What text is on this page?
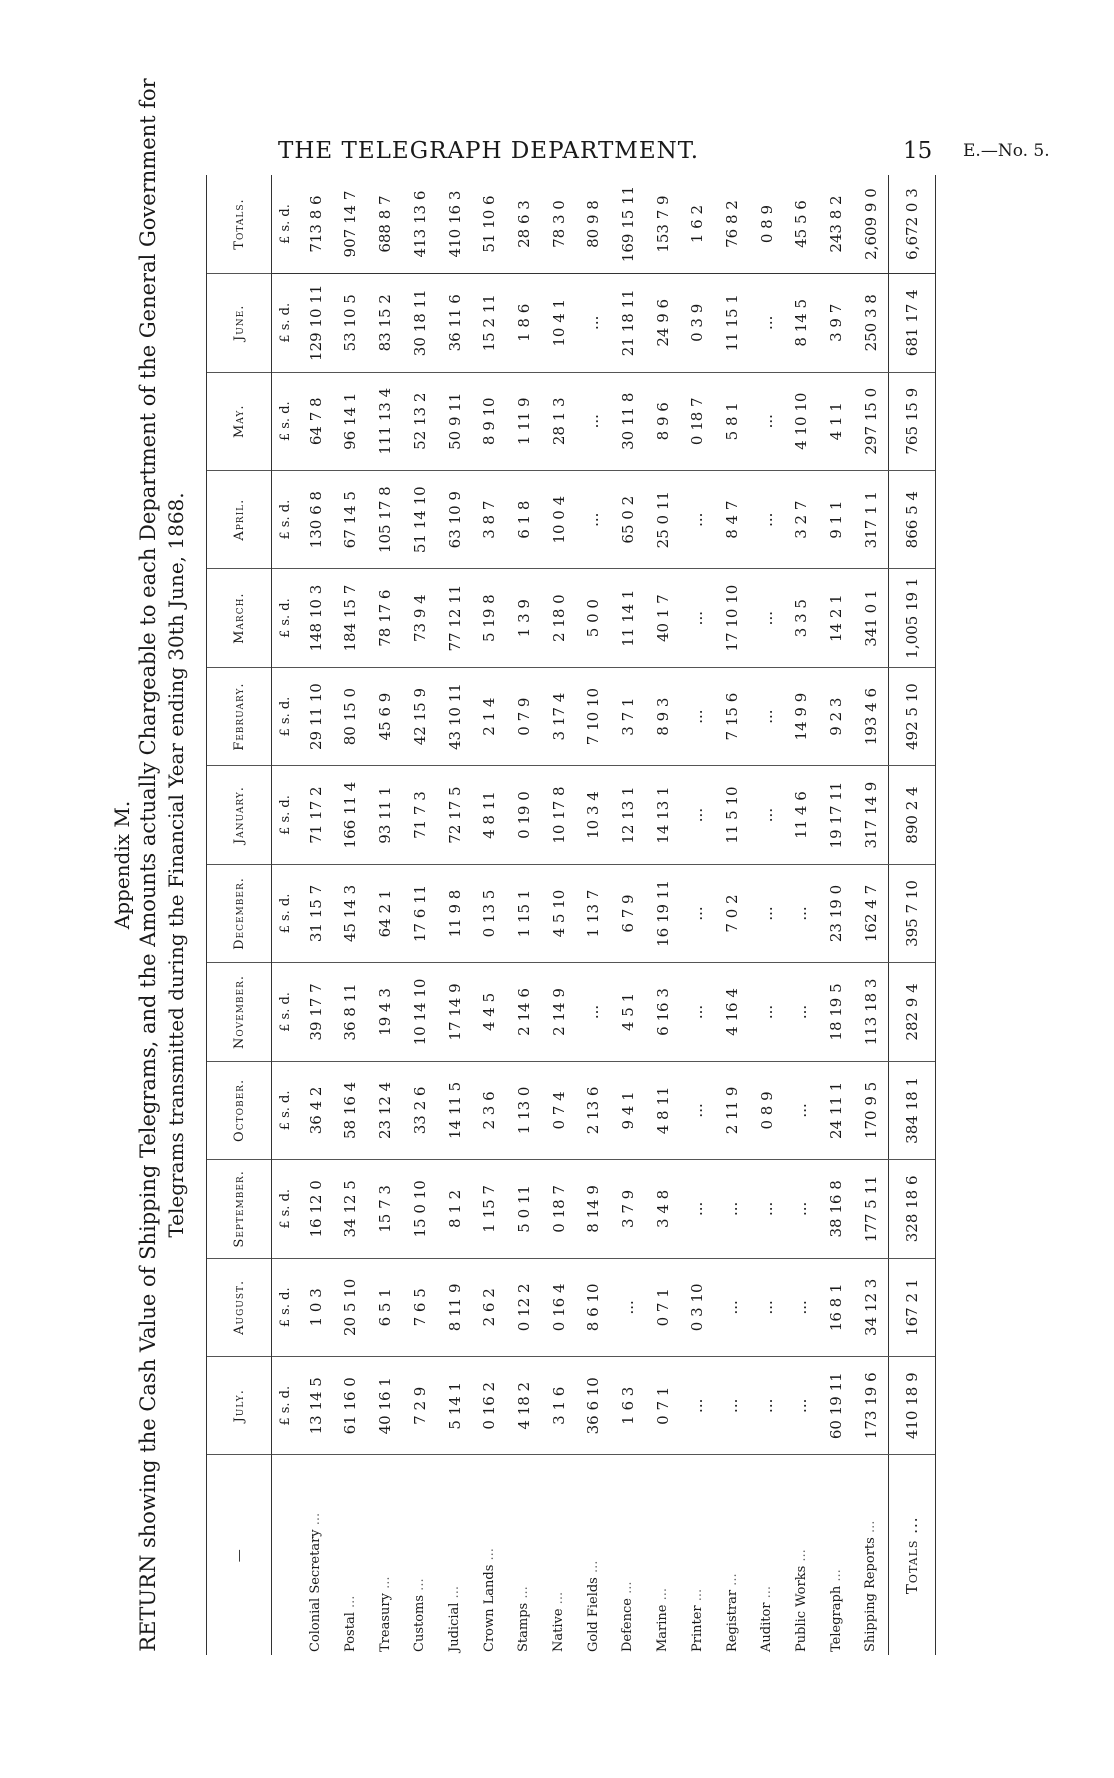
THE TELEGRAPH DEPARTMENT.	15 E.—No. 5.
Appendix M. RETURN showing the Cash Value of Shipping Telegrams, and the Amounts actually Chargeable to each Department of the General Government for Telegrams transmitted during the Financial Year ending 30th June, 1868.
—	July.	August.	September.	October.	November.	December.	January.	February.	March.	April.	May.	June.	Totals.
	£ s. d.	£ s. d.	£ s. d.	£ s. d.	£ s. d.	£ s. d.	£ s. d.	£ s. d.	£ s. d.	£ s. d.	£ s. d.	£ s. d.	£ s. d.
Colonial Secretary ...	13 14 5	1 0 3	16 12 0	36 4 2	39 17 7	31 15 7	71 17 2	29 11 10	148 10 3	130 6 8	64 7 8	129 10 11	713 8 6
Postal ...	61 16 0	20 5 10	34 12 5	58 16 4	36 8 11	45 14 3	166 11 4	80 15 0	184 15 7	67 14 5	96 14 1	53 10 5	907 14 7
Treasury ...	40 16 1	6 5 1	15 7 3	23 12 4	19 4 3	64 2 1	93 11 1	45 6 9	78 17 6	105 17 8	111 13 4	83 15 2	688 8 7
Customs ...	7 2 9	7 6 5	15 0 10	33 2 6	10 14 10	17 6 11	71 7 3	42 15 9	73 9 4	51 14 10	52 13 2	30 18 11	413 13 6
Judicial ...	5 14 1	8 11 9	8 1 2	14 11 5	17 14 9	11 9 8	72 17 5	43 10 11	77 12 11	63 10 9	50 9 11	36 11 6	410 16 3
Crown Lands ...	0 16 2	2 6 2	1 15 7	2 3 6	4 4 5	0 13 5	4 8 11	2 1 4	5 19 8	3 8 7	8 9 10	15 2 11	51 10 6
Stamps ...	4 18 2	0 12 2	5 0 11	1 13 0	2 14 6	1 15 1	0 19 0	0 7 9	1 3 9	6 1 8	1 11 9	1 8 6	28 6 3
Native ...	3 1 6	0 16 4	0 18 7	0 7 4	2 14 9	4 5 10	10 17 8	3 17 4	2 18 0	10 0 4	28 1 3	10 4 1	78 3 0
Gold Fields ...	36 6 10	8 6 10	8 14 9	2 13 6	...	1 13 7	10 3 4	7 10 10	5 0 0	...	...	...	80 9 8
Defence ...	1 6 3	...	3 7 9	9 4 1	4 5 1	6 7 9	12 13 1	3 7 1	11 14 1	65 0 2	30 11 8	21 18 11	169 15 11
Marine ...	0 7 1	0 7 1	3 4 8	4 8 11	6 16 3	16 19 11	14 13 1	8 9 3	40 1 7	25 0 11	8 9 6	24 9 6	153 7 9
Printer ...	...	0 3 10	...	...	...	...	...	...	...	...	0 18 7	0 3 9	1 6 2
Registrar ...	...	...	...	2 11 9	4 16 4	7 0 2	11 5 10	7 15 6	17 10 10	8 4 7	5 8 1	11 15 1	76 8 2
Auditor ...	...	...	...	0 8 9	...	...	...	...	...	...	...	...	0 8 9
Public Works ...	...	...	...	...	...	...	11 4 6	14 9 9	3 3 5	3 2 7	4 10 10	8 14 5	45 5 6
Telegraph ...	60 19 11	16 8 1	38 16 8	24 11 1	18 19 5	23 19 0	19 17 11	9 2 3	14 2 1	9 1 1	4 1 1	3 9 7	243 8 2
Shipping Reports ...	173 19 6	34 12 3	177 5 11	170 9 5	113 18 3	162 4 7	317 14 9	193 4 6	341 0 1	317 1 1	297 15 0	250 3 8	2,609 9 0
Totals ...	410 18 9	167 2 1	328 18 6	384 18 1	282 9 4	395 7 10	890 2 4	492 5 10	1,005 19 1	866 5 4	765 15 9	681 17 4	6,672 0 3
